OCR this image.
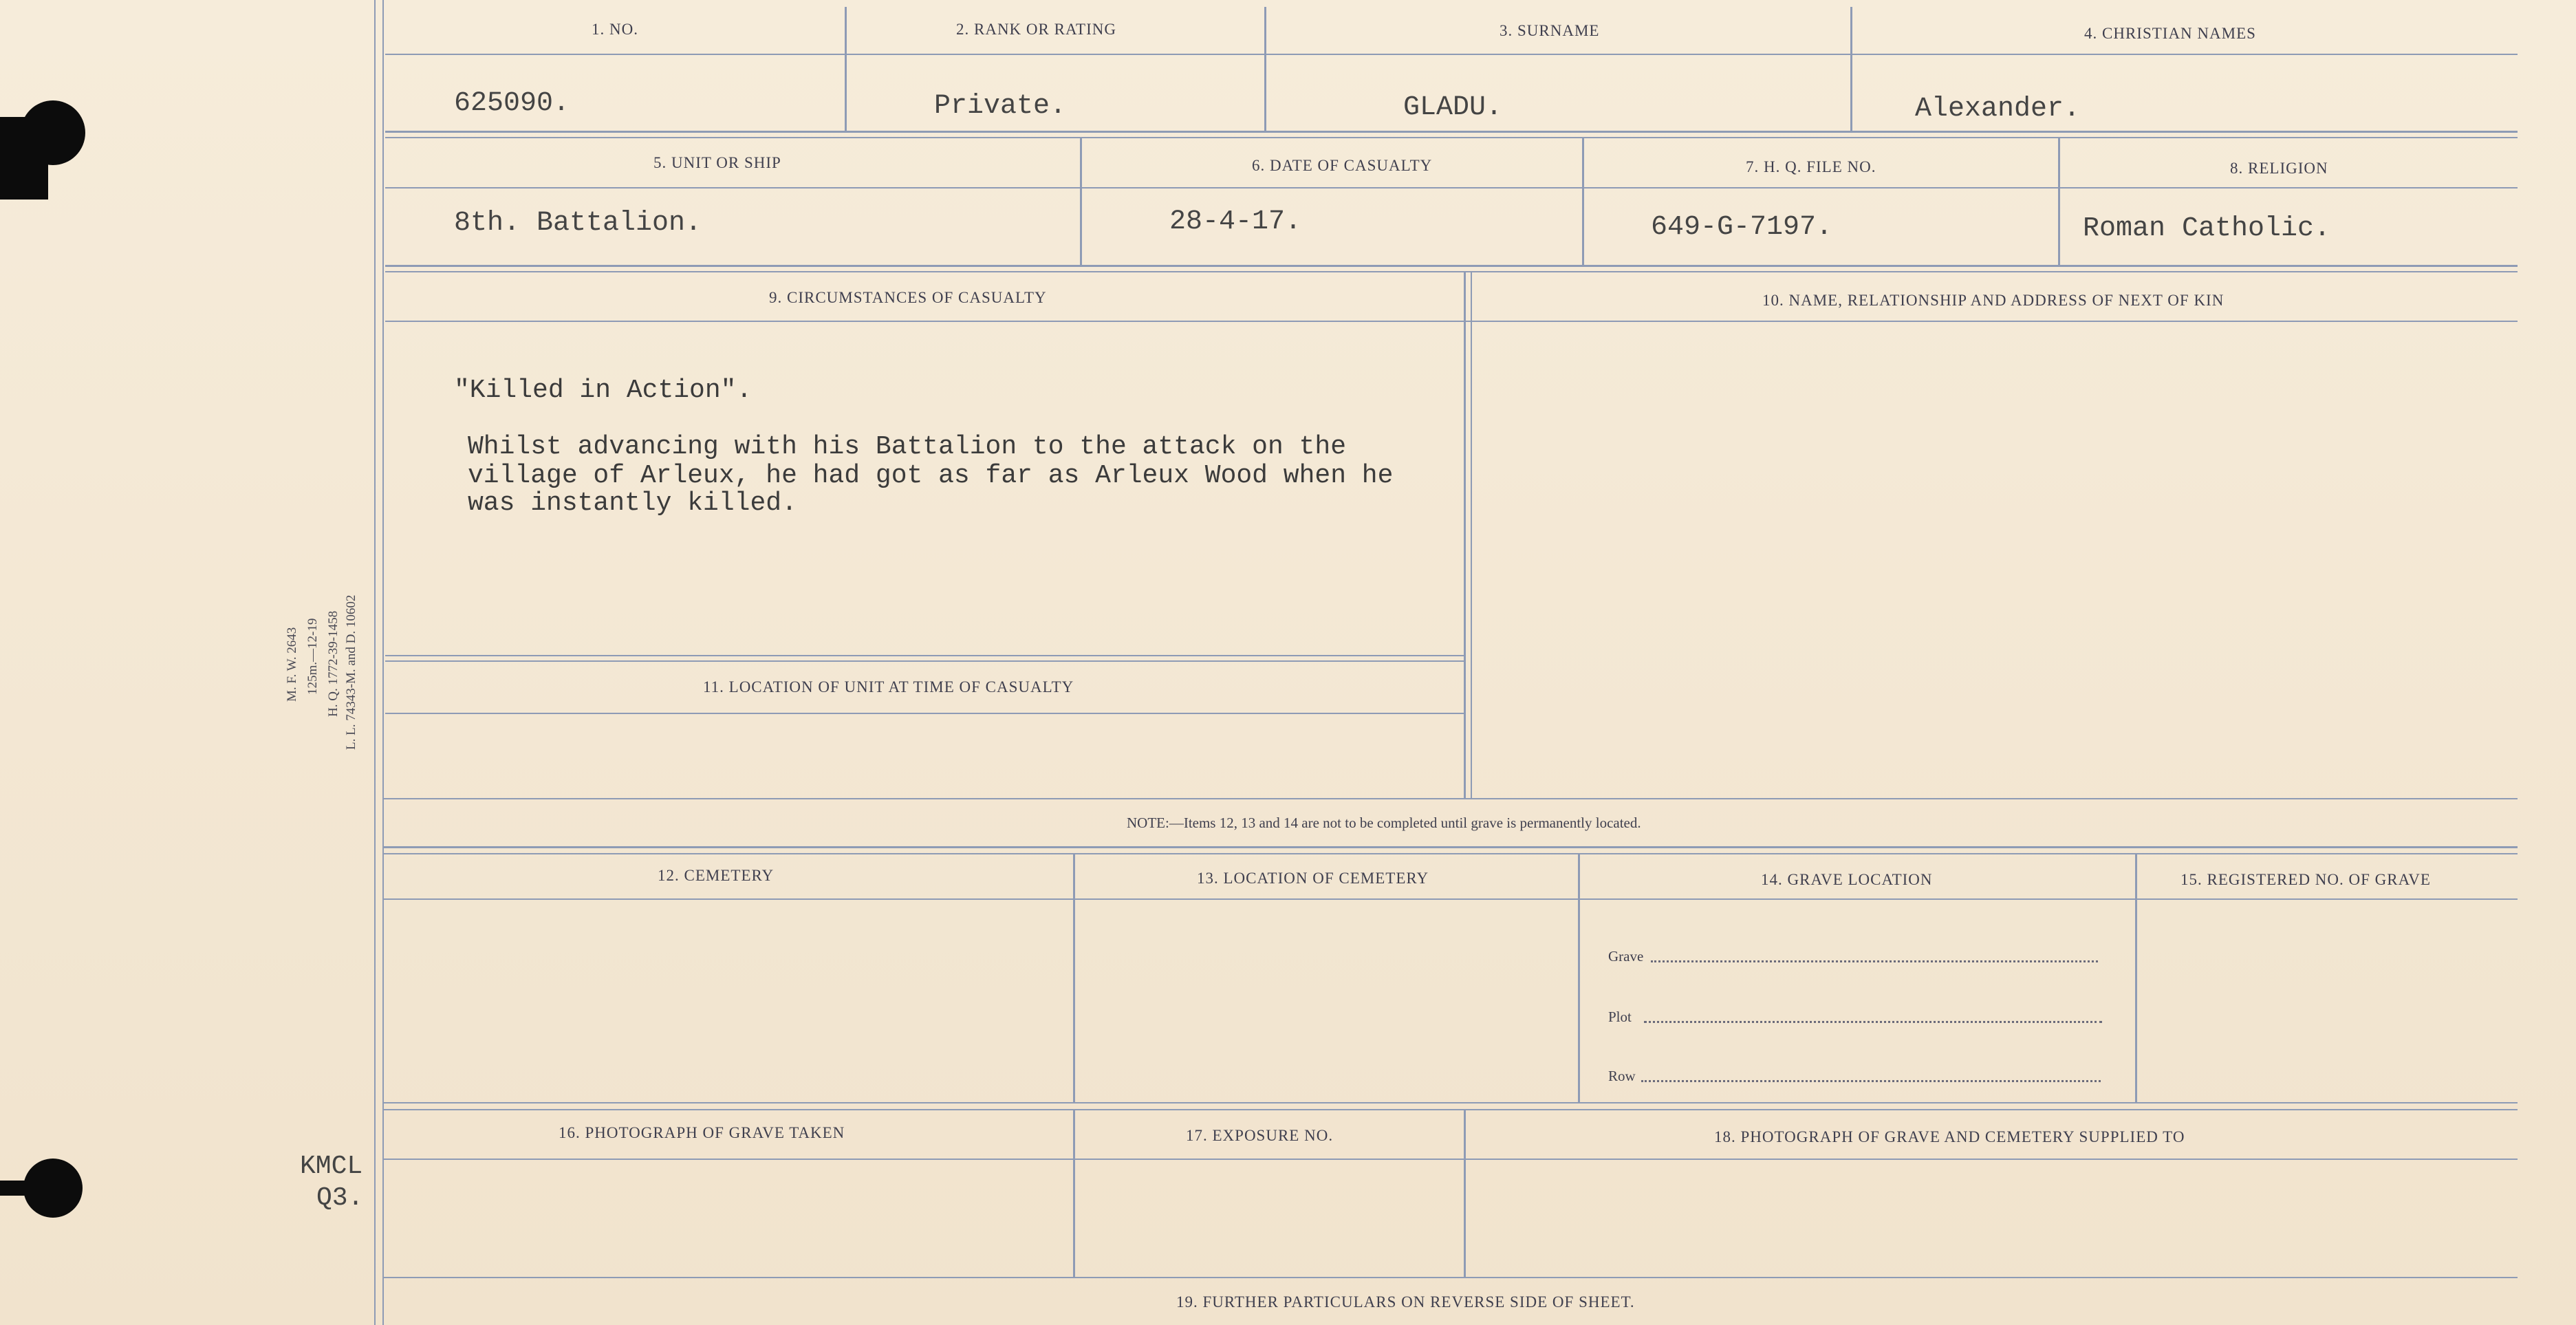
1. NO.	2. RANK OR RATING	3. SURNAME	4. CHRISTIAN NAMES
625090.	Private.	GLADU.	Alexander.
5. UNIT OR SHIP	6. DATE OF CASUALTY	7. H. Q. FILE NO.	8. RELIGION
8th. Battalion.	28-4-17.	649-G-7197.	Roman Catholic.
9. CIRCUMSTANCES OF CASUALTY	10. NAME, RELATIONSHIP AND ADDRESS OF NEXT OF KIN
"Killed in Action".
Whilst advancing with his Battalion to the attack on the
village of Arleux, he had got as far as Arleux Wood when he
was instantly killed.
11. LOCATION OF UNIT AT TIME OF CASUALTY
NOTE:—Items 12, 13 and 14 are not to be completed until grave is permanently located.
12. CEMETERY	13. LOCATION OF CEMETERY	14. GRAVE LOCATION	15. REGISTERED NO. OF GRAVE
Grave
Plot
Row
16. PHOTOGRAPH OF GRAVE TAKEN	17. EXPOSURE NO.	18. PHOTOGRAPH OF GRAVE AND CEMETERY SUPPLIED TO
19. FURTHER PARTICULARS ON REVERSE SIDE OF SHEET.
M. F. W. 2643 125m.—12-19 H. Q. 1772-39-1458 L. L. 74343-M. and D. 10602
KMCL
Q3.
